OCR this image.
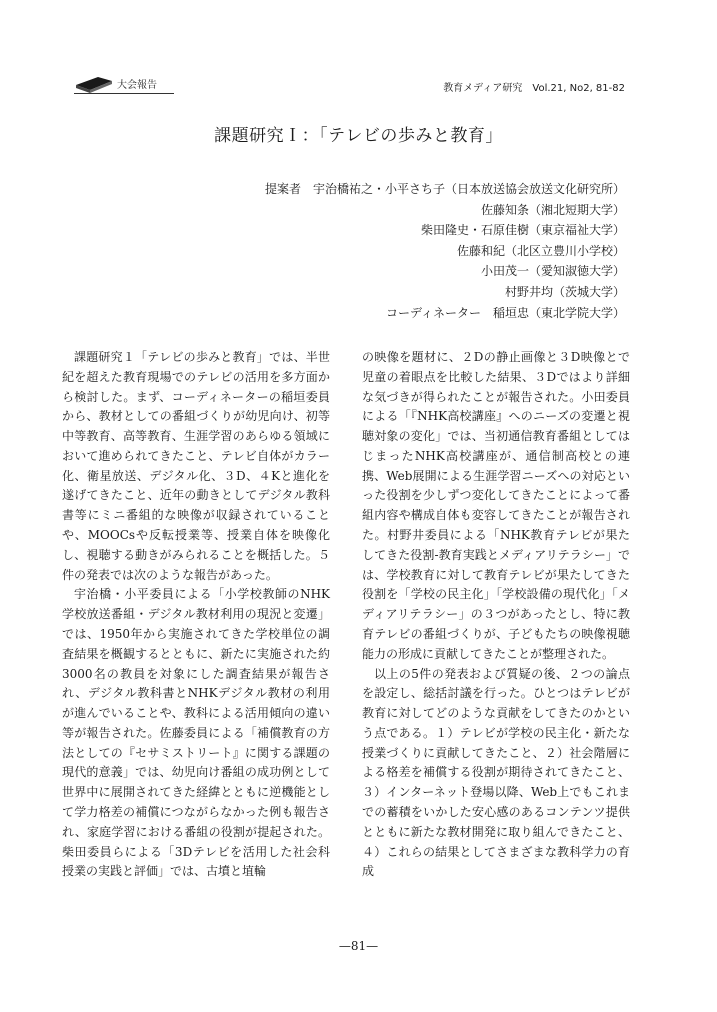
大会報告	教育メディア研究　Vol.21, No2, 81-82
課題研究Ｉ：「テレビの歩みと教育」
提案者　宇治橋祐之・小平さち子（日本放送協会放送文化研究所）
佐藤知条（湘北短期大学）
柴田隆史・石原佳樹（東京福祉大学）
佐藤和紀（北区立豊川小学校）
小田茂一（愛知淑徳大学）
村野井均（茨城大学）
コーディネーター　稲垣忠（東北学院大学）

課題研究１「テレビの歩みと教育」では、半世紀を超えた教育現場でのテレビの活用を多方面から検討した。まず、コーディネーターの稲垣委員から、教材としての番組づくりが幼児向け、初等中等教育、高等教育、生涯学習のあらゆる領域において進められてきたこと、テレビ自体がカラー化、衛星放送、デジタル化、３D、４Kと進化を遂げてきたこと、近年の動きとしてデジタル教科書等にミニ番組的な映像が収録されていることや、MOOCsや反転授業等、授業自体を映像化し、視聴する動きがみられることを概括した。５件の発表では次のような報告があった。

宇治橋・小平委員による「小学校教師のNHK 学校放送番組・デジタル教材利用の現況と変遷」では、1950年から実施されてきた学校単位の調査結果を概観するとともに、新たに実施された約3000名の教員を対象にした調査結果が報告され、デジタル教科書とNHKデジタル教材の利用が進んでいることや、教科による活用傾向の違い等が報告された。佐藤委員による「補償教育の方法としての『セサミストリート』に関する課題の現代的意義」では、幼児向け番組の成功例として世界中に展開されてきた経緯とともに逆機能として学力格差の補償につながらなかった例も報告され、家庭学習における番組の役割が提起された。柴田委員らによる「3Dテレビを活用した社会科授業の実践と評価」では、古墳と埴輪

の映像を題材に、２Dの静止画像と３D映像とで児童の着眼点を比較した結果、３Dではより詳細な気づきが得られたことが報告された。小田委員による「『NHK高校講座』へのニーズの変遷と視聴対象の変化」では、当初通信教育番組としてはじまったNHK高校講座が、通信制高校との連携、Web展開による生涯学習ニーズへの対応といった役割を少しずつ変化してきたことによって番組内容や構成自体も変容してきたことが報告された。村野井委員による「NHK教育テレビが果たしてきた役割-教育実践とメディアリテラシー」では、学校教育に対して教育テレビが果たしてきた役割を「学校の民主化」「学校設備の現代化」「メディアリテラシー」の３つがあったとし、特に教育テレビの番組づくりが、子どもたちの映像視聴能力の形成に貢献してきたことが整理された。

以上の5件の発表および質疑の後、２つの論点を設定し、総括討議を行った。ひとつはテレビが教育に対してどのような貢献をしてきたのかという点である。１）テレビが学校の民主化・新たな授業づくりに貢献してきたこと、２）社会階層による格差を補償する役割が期待されてきたこと、３）インターネット登場以降、Web上でもこれまでの蓄積をいかした安心感のあるコンテンツ提供とともに新たな教材開発に取り組んできたこと、４）これらの結果としてさまざまな教科学力の育成

—81—
